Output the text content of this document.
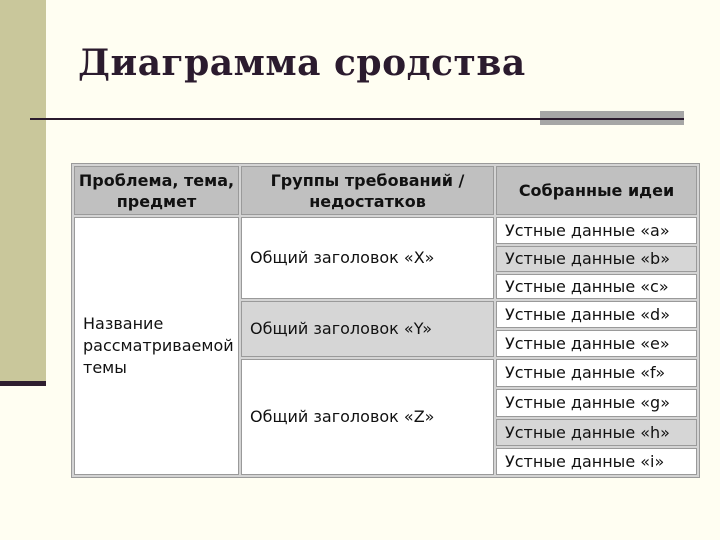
Диаграмма сродства
Проблема, тема, предмет
Группы требований / недостатков
Собранные идеи
Название рассматриваемой темы
Общий заголовок «X»
Общий заголовок «Y»
Общий заголовок «Z»
Устные данные «a»
Устные данные «b»
Устные данные «c»
Устные данные «d»
Устные данные «e»
Устные данные «f»
Устные данные «g»
Устные данные «h»
Устные данные «i»
